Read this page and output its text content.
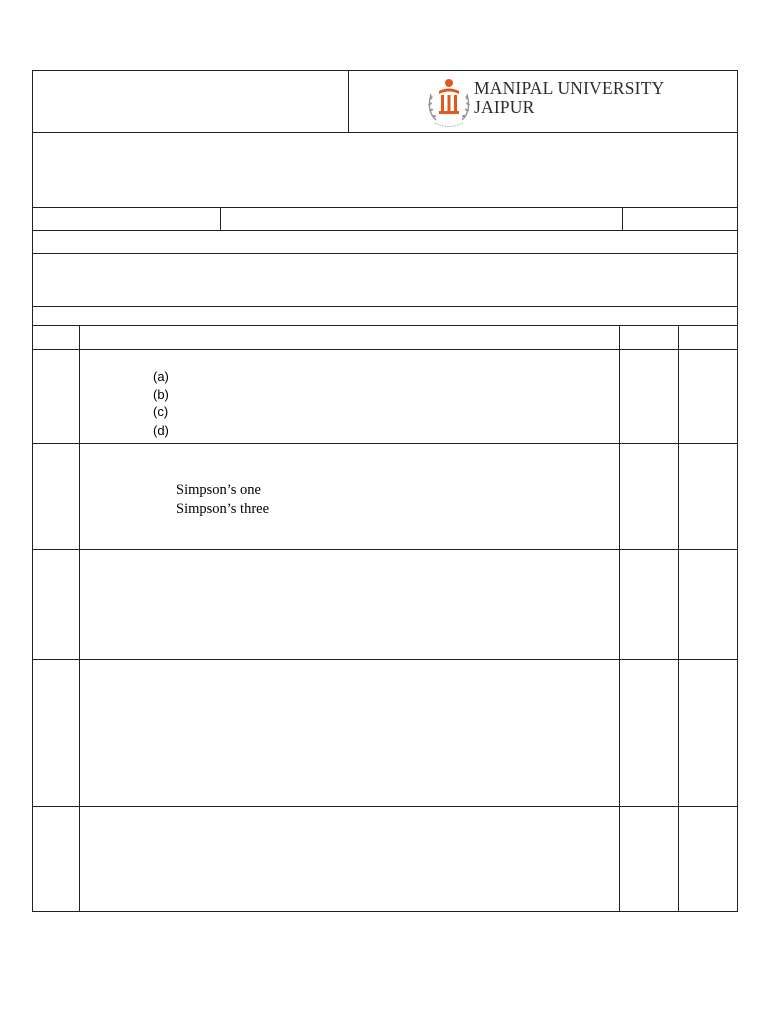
MANIPAL UNIVERSITY
JAIPUR
(a)
(b)
(c)
(d)
Simpson’s one
Simpson’s three
